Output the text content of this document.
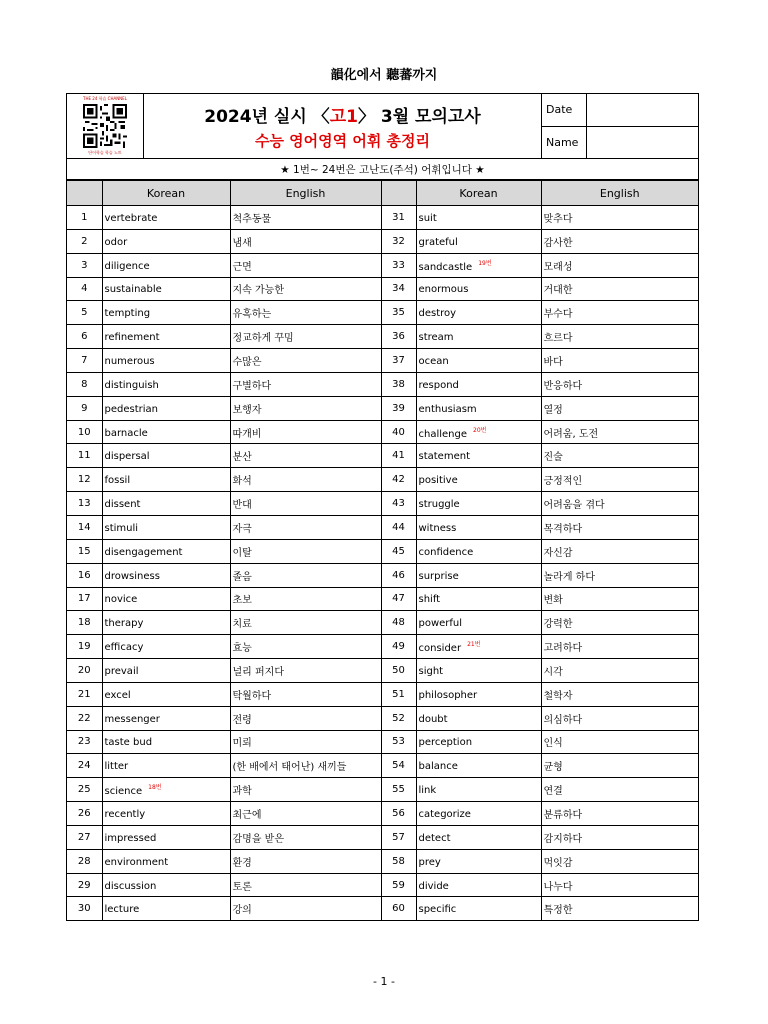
韻化에서 聽蕃까지
THE 24 학습 CHANNEL
단어학습 학습 노트
2024년 실시 〈고1〉 3월 모의고사
수능 영어영역 어휘 총정리
Date
Name
★ 1번~ 24번은 고난도(주석) 어휘입니다 ★
	Korean	English		Korean	English
1	vertebrate	척추동물	31	suit	맞추다
2	odor	냄새	32	grateful	감사한
3	diligence	근면	33	sandcastle $^{19번}$	모래성
4	sustainable	지속 가능한	34	enormous	거대한
5	tempting	유혹하는	35	destroy	부수다
6	refinement	정교하게 꾸밈	36	stream	흐르다
7	numerous	수많은	37	ocean	바다
8	distinguish	구별하다	38	respond	반응하다
9	pedestrian	보행자	39	enthusiasm	열정
10	barnacle	따개비	40	challenge $^{20번}$	어려움, 도전
11	dispersal	분산	41	statement	진술
12	fossil	화석	42	positive	긍정적인
13	dissent	반대	43	struggle	어려움을 겪다
14	stimuli	자극	44	witness	목격하다
15	disengagement	이탈	45	confidence	자신감
16	drowsiness	졸음	46	surprise	놀라게 하다
17	novice	초보	47	shift	변화
18	therapy	치료	48	powerful	강력한
19	efficacy	효능	49	consider $^{21번}$	고려하다
20	prevail	널리 퍼지다	50	sight	시각
21	excel	탁월하다	51	philosopher	철학자
22	messenger	전령	52	doubt	의심하다
23	taste bud	미뢰	53	perception	인식
24	litter	(한 배에서 태어난) 새끼들	54	balance	균형
25	science $^{18번}$	과학	55	link	연결
26	recently	최근에	56	categorize	분류하다
27	impressed	감명을 받은	57	detect	감지하다
28	environment	환경	58	prey	먹잇감
29	discussion	토론	59	divide	나누다
30	lecture	강의	60	specific	특정한
- 1 -
